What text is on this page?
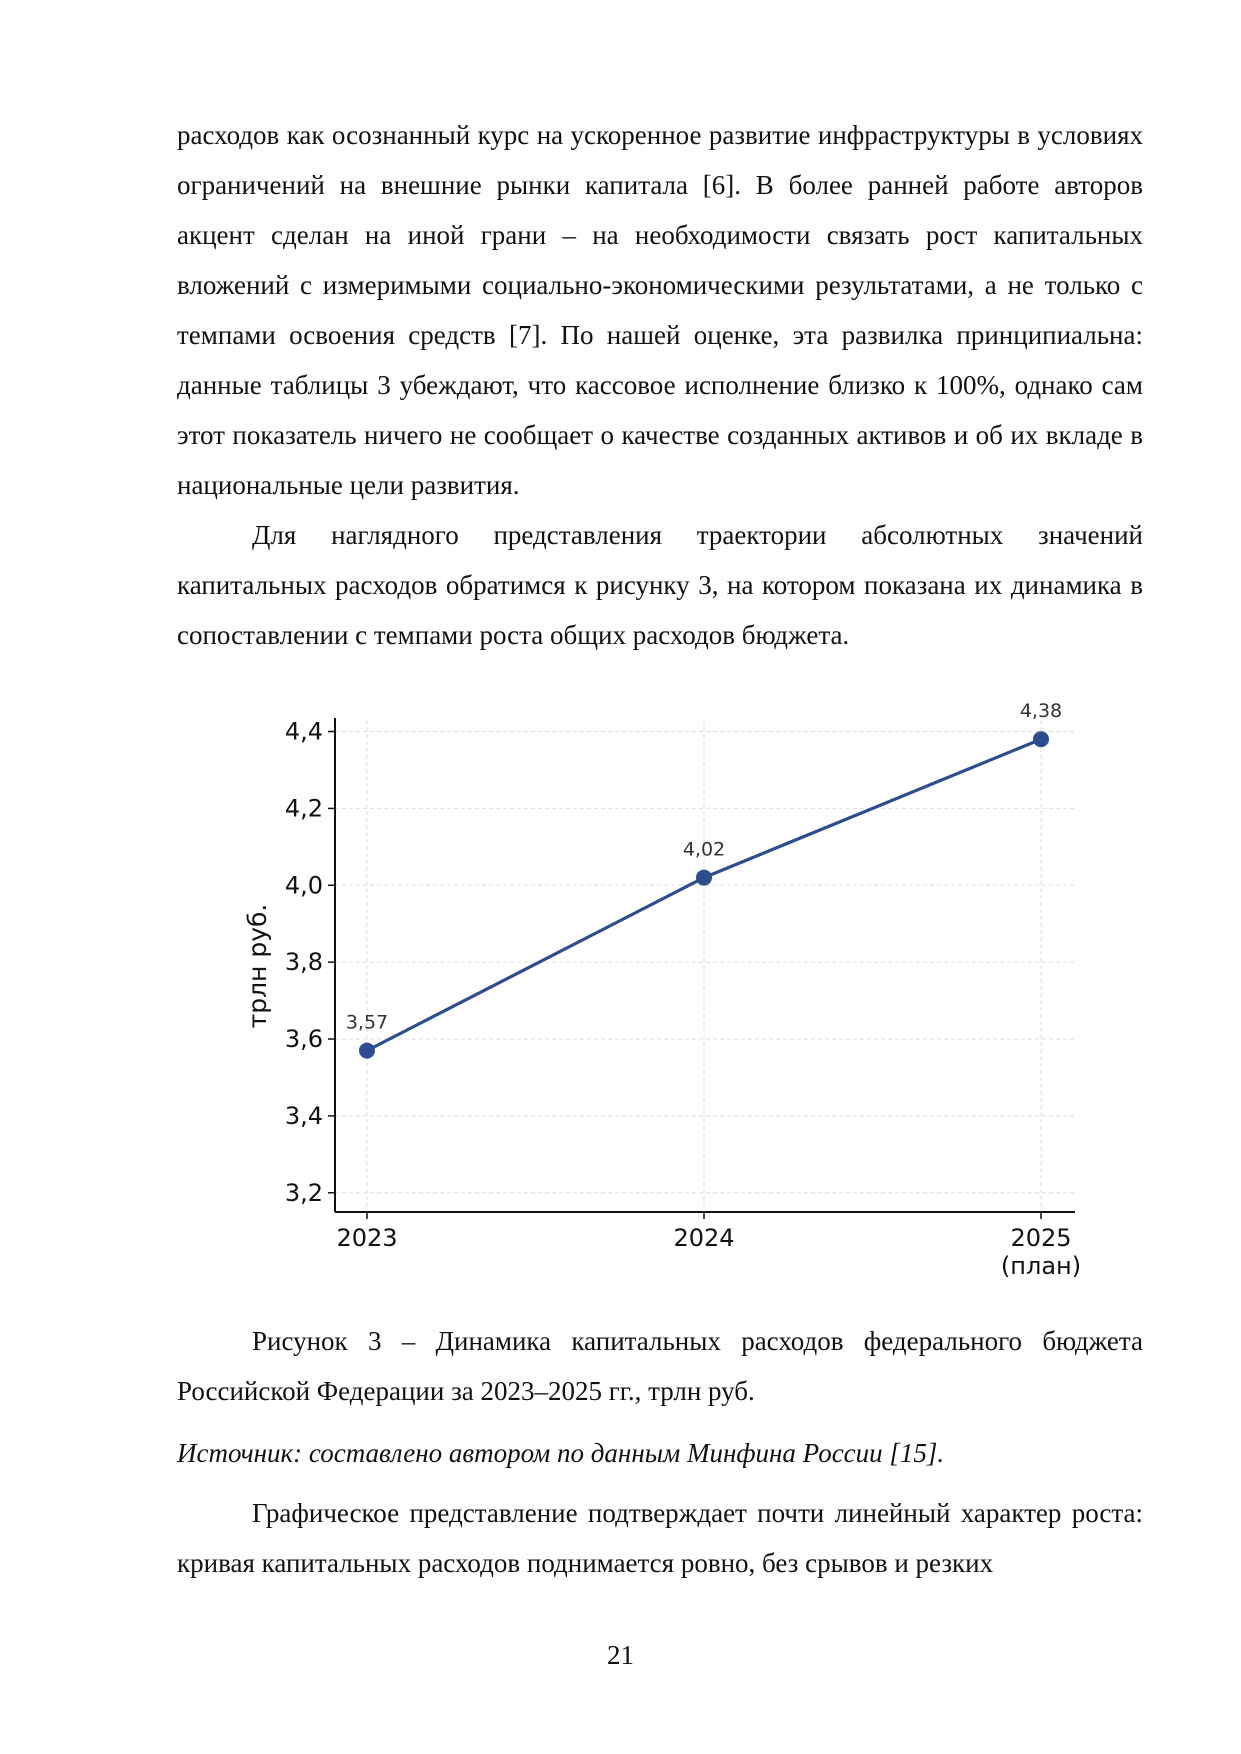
расходов как осознанный курс на ускоренное развитие инфраструктуры в условиях ограничений на внешние рынки капитала [6]. В более ранней работе авторов акцент сделан на иной грани – на необходимости связать рост капитальных вложений с измеримыми социально-экономическими результатами, а не только с темпами освоения средств [7]. По нашей оценке, эта развилка принципиальна: данные таблицы 3 убеждают, что кассовое исполнение близко к 100%, однако сам этот показатель ничего не сообщает о качестве созданных активов и об их вкладе в национальные цели развития.

Для наглядного представления траектории абсолютных значений капитальных расходов обратимся к рисунку 3, на котором показана их динамика в сопоставлении с темпами роста общих расходов бюджета.

3,2
3,4
3,6
3,8
4,0
4,2
4,4
2023	2024	2025
(план)
трлн руб.	3,57
4,02
4,38

Рисунок 3 – Динамика капитальных расходов федерального бюджета Российской Федерации за 2023–2025 гг., трлн руб.

Источник: составлено автором по данным Минфина России [15].

Графическое представление подтверждает почти линейный характер роста: кривая капитальных расходов поднимается ровно, без срывов и резких

21
